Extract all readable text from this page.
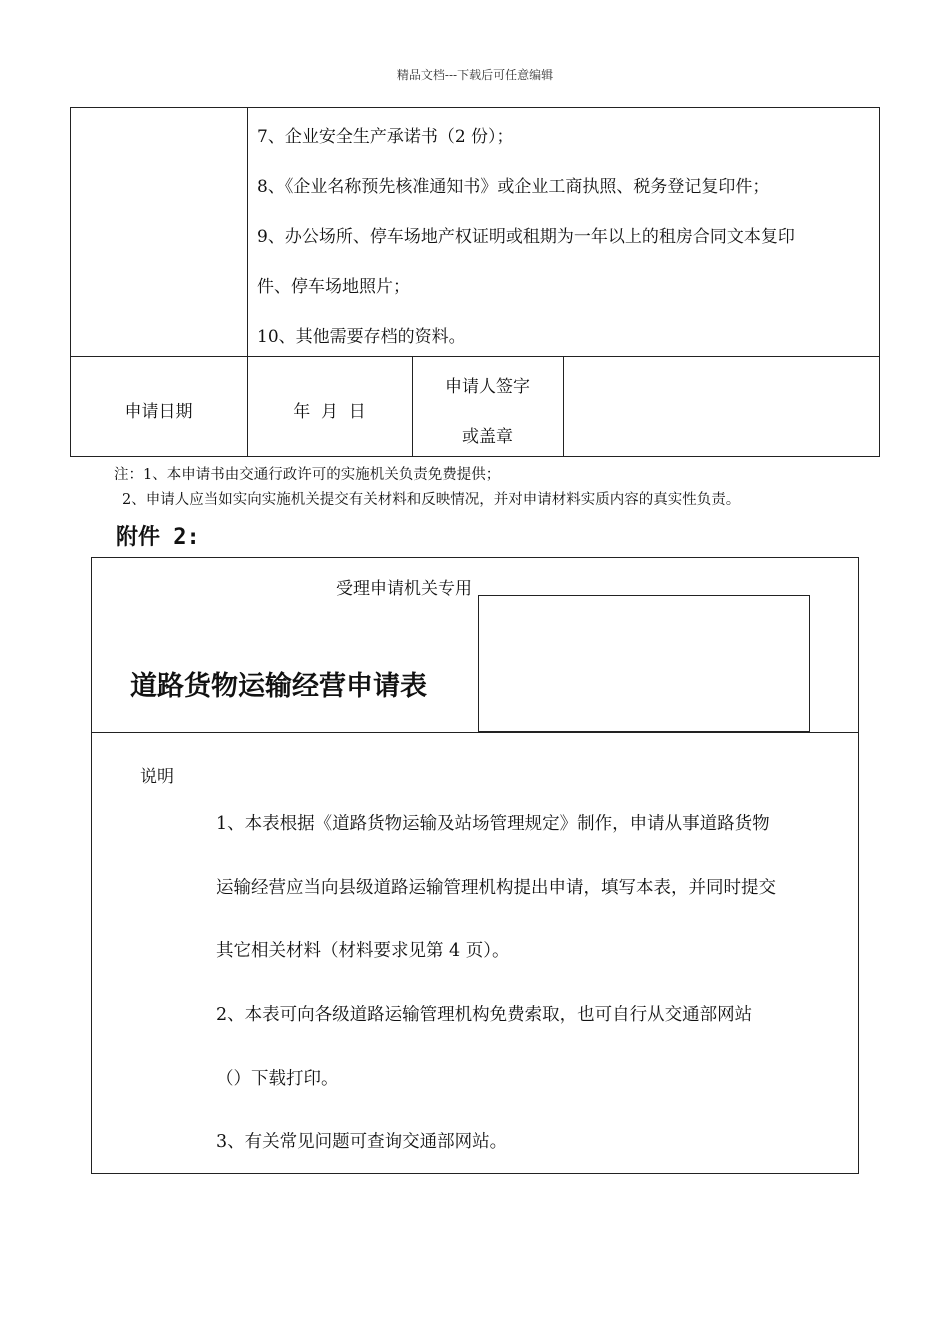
精品文档---下载后可任意编辑
7、企业安全生产承诺书（2 份）；
8、《企业名称预先核准通知书》或企业工商执照、税务登记复印件；
9、办公场所、停车场地产权证明或租期为一年以上的租房合同文本复印
件、停车场地照片；
10、其他需要存档的资料。
申请日期	年  月  日
申请人签字
或盖章
注：1、本申请书由交通行政许可的实施机关负责免费提供；
2、申请人应当如实向实施机关提交有关材料和反映情况，并对申请材料实质内容的真实性负责。
附件 2:
受理申请机关专用
道路货物运输经营申请表
说明
1、本表根据《道路货物运输及站场管理规定》制作，申请从事道路货物
运输经营应当向县级道路运输管理机构提出申请，填写本表，并同时提交
其它相关材料（材料要求见第 4 页）。
2、本表可向各级道路运输管理机构免费索取，也可自行从交通部网站
（）下载打印。
3、有关常见问题可查询交通部网站。
